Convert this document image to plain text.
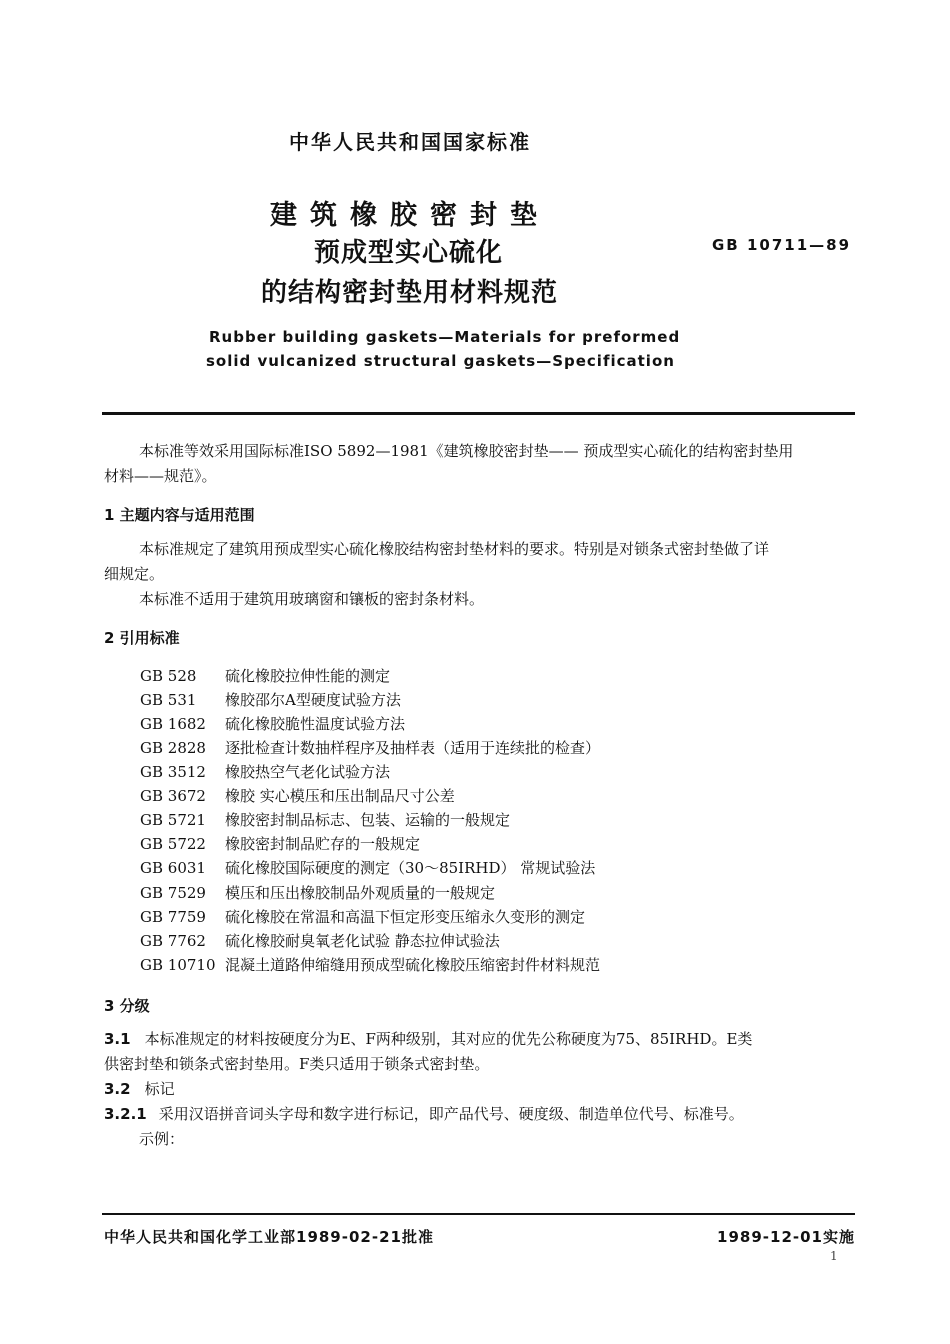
中华人民共和国国家标准
建筑橡胶密封垫
预成型实心硫化
的结构密封垫用材料规范
GB 10711—89
Rubber building gaskets—Materials for preformed
solid vulcanized structural gaskets—Specification
本标准等效采用国际标准ISO 5892—1981《建筑橡胶密封垫—— 预成型实心硫化的结构密封垫用
材料——规范》。
1 主题内容与适用范围
本标准规定了建筑用预成型实心硫化橡胶结构密封垫材料的要求。特别是对锁条式密封垫做了详
细规定。
本标准不适用于建筑用玻璃窗和镶板的密封条材料。
2 引用标准
GB 528 硫化橡胶拉伸性能的测定
GB 531 橡胶邵尔A型硬度试验方法
GB 1682 硫化橡胶脆性温度试验方法
GB 2828 逐批检查计数抽样程序及抽样表（适用于连续批的检查）
GB 3512 橡胶热空气老化试验方法
GB 3672 橡胶 实心模压和压出制品尺寸公差
GB 5721 橡胶密封制品标志、包装、运输的一般规定
GB 5722 橡胶密封制品贮存的一般规定
GB 6031 硫化橡胶国际硬度的测定（30～85IRHD） 常规试验法
GB 7529 模压和压出橡胶制品外观质量的一般规定
GB 7759 硫化橡胶在常温和高温下恒定形变压缩永久变形的测定
GB 7762 硫化橡胶耐臭氧老化试验 静态拉伸试验法
GB 10710 混凝土道路伸缩缝用预成型硫化橡胶压缩密封件材料规范
3 分级
3.1 本标准规定的材料按硬度分为E、F两种级别，其对应的优先公称硬度为75、85IRHD。E类
供密封垫和锁条式密封垫用。F类只适用于锁条式密封垫。
3.2 标记
3.2.1 采用汉语拼音词头字母和数字进行标记，即产品代号、硬度级、制造单位代号、标准号。
示例：
中华人民共和国化学工业部1989-02-21批准	1989-12-01实施
1
